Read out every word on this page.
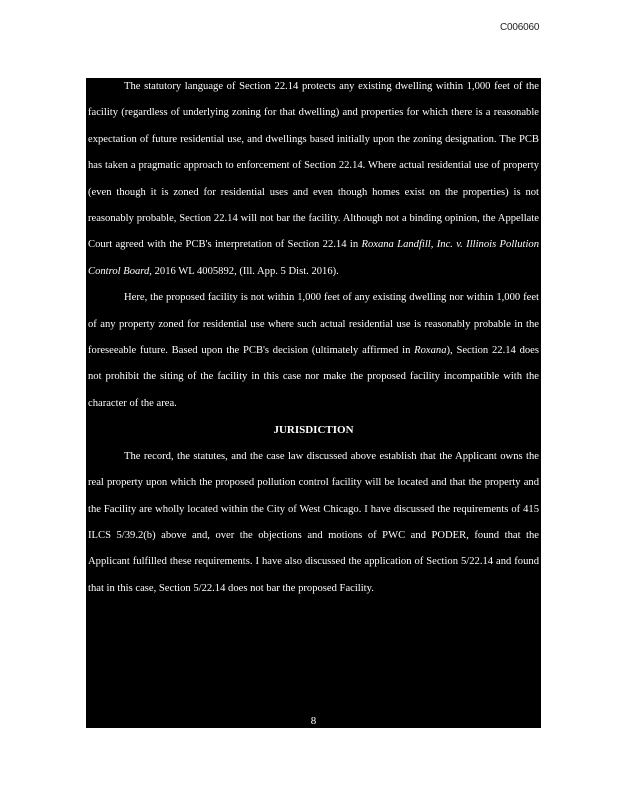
C006060

The statutory language of Section 22.14 protects any existing dwelling within 1,000 feet of the facility (regardless of underlying zoning for that dwelling) and properties for which there is a reasonable expectation of future residential use, and dwellings based initially upon the zoning designation. The PCB has taken a pragmatic approach to enforcement of Section 22.14. Where actual residential use of property (even though it is zoned for residential uses and even though homes exist on the properties) is not reasonably probable, Section 22.14 will not bar the facility. Although not a binding opinion, the Appellate Court agreed with the PCB's interpretation of Section 22.14 in Roxana Landfill, Inc. v. Illinois Pollution Control Board, 2016 WL 4005892, (Ill. App. 5 Dist. 2016).

Here, the proposed facility is not within 1,000 feet of any existing dwelling nor within 1,000 feet of any property zoned for residential use where such actual residential use is reasonably probable in the foreseeable future. Based upon the PCB's decision (ultimately affirmed in Roxana), Section 22.14 does not prohibit the siting of the facility in this case nor make the proposed facility incompatible with the character of the area.

JURISDICTION

The record, the statutes, and the case law discussed above establish that the Applicant owns the real property upon which the proposed pollution control facility will be located and that the property and the Facility are wholly located within the City of West Chicago. I have discussed the requirements of 415 ILCS 5/39.2(b) above and, over the objections and motions of PWC and PODER, found that the Applicant fulfilled these requirements. I have also discussed the application of Section 5/22.14 and found that in this case, Section 5/22.14 does not bar the proposed Facility.

8
